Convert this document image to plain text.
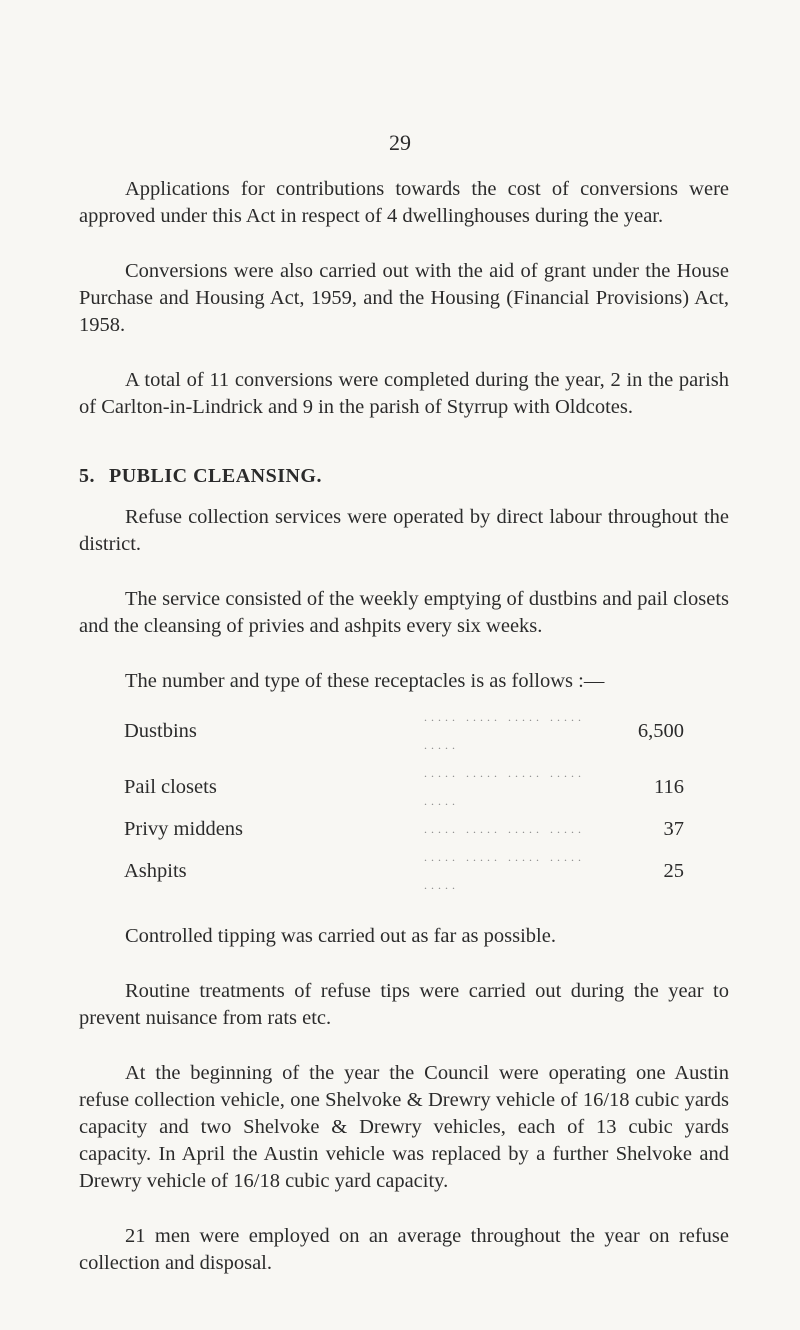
29

Applications for contributions towards the cost of conversions were approved under this Act in respect of 4 dwellinghouses during the year.

Conversions were also carried out with the aid of grant under the House Purchase and Housing Act, 1959, and the Housing (Financial Provisions) Act, 1958.

A total of 11 conversions were completed during the year, 2 in the parish of Carlton-in-Lindrick and 9 in the parish of Styrrup with Oldcotes.

5. PUBLIC CLEANSING.

Refuse collection services were operated by direct labour throughout the district.

The service consisted of the weekly emptying of dustbins and pail closets and the cleansing of privies and ashpits every six weeks.

The number and type of these receptacles is as follows :—

Dustbins	..... ..... ..... ..... .....	6,500
Pail closets	..... ..... ..... ..... .....	116
Privy middens	..... ..... ..... .....	37
Ashpits	..... ..... ..... ..... .....	25

Controlled tipping was carried out as far as possible.

Routine treatments of refuse tips were carried out during the year to prevent nuisance from rats etc.

At the beginning of the year the Council were operating one Austin refuse collection vehicle, one Shelvoke & Drewry vehicle of 16/18 cubic yards capacity and two Shelvoke & Drewry vehicles, each of 13 cubic yards capacity. In April the Austin vehicle was replaced by a further Shelvoke and Drewry vehicle of 16/18 cubic yard capacity.

21 men were employed on an average throughout the year on refuse collection and disposal.
